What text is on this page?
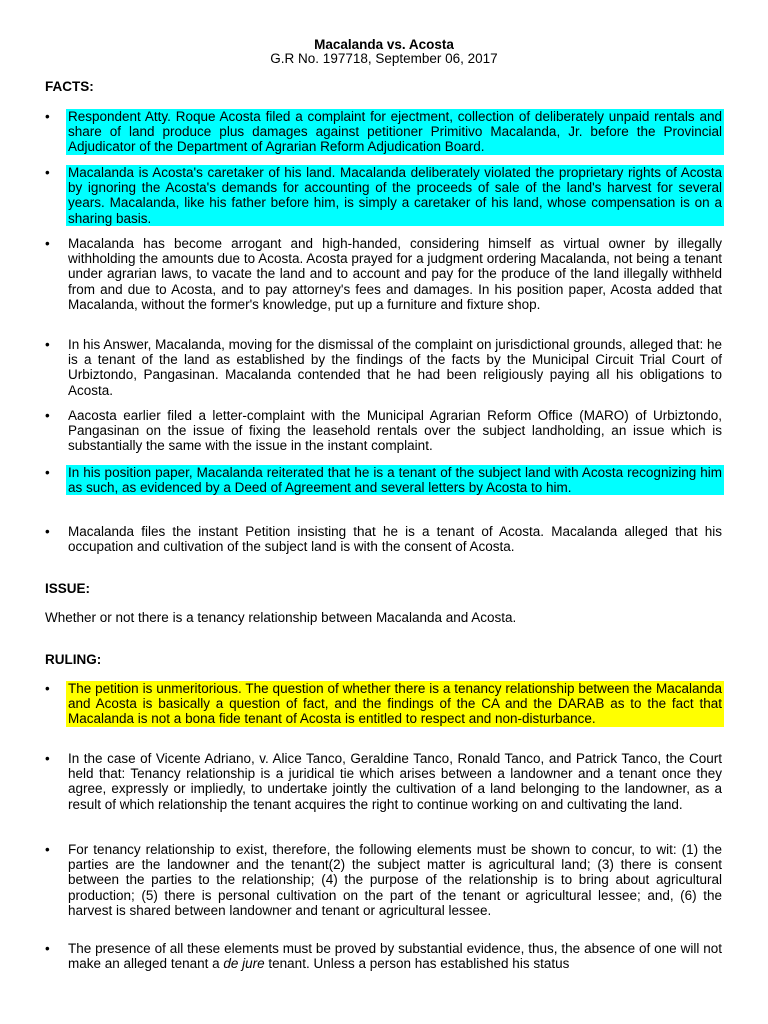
Macalanda vs. Acosta
G.R No. 197718, September 06, 2017
FACTS:
•	Respondent Atty. Roque Acosta filed a complaint for ejectment, collection of deliberately unpaid rentals and share of land produce plus damages against petitioner Primitivo Macalanda, Jr. before the Provincial Adjudicator of the Department of Agrarian Reform Adjudication Board.
•	Macalanda is Acosta's caretaker of his land. Macalanda deliberately violated the proprietary rights of Acosta by ignoring the Acosta's demands for accounting of the proceeds of sale of the land's harvest for several years. Macalanda, like his father before him, is simply a caretaker of his land, whose compensation is on a sharing basis.
•	Macalanda has become arrogant and high-handed, considering himself as virtual owner by illegally withholding the amounts due to Acosta. Acosta prayed for a judgment ordering Macalanda, not being a tenant under agrarian laws, to vacate the land and to account and pay for the produce of the land illegally withheld from and due to Acosta, and to pay attorney's fees and damages. In his position paper, Acosta added that Macalanda, without the former's knowledge, put up a furniture and fixture shop.
•	In his Answer, Macalanda, moving for the dismissal of the complaint on jurisdictional grounds, alleged that: he is a tenant of the land as established by the findings of the facts by the Municipal Circuit Trial Court of Urbiztondo, Pangasinan. Macalanda contended that he had been religiously paying all his obligations to Acosta.
•	Aacosta earlier filed a letter-complaint with the Municipal Agrarian Reform Office (MARO) of Urbiztondo, Pangasinan on the issue of fixing the leasehold rentals over the subject landholding, an issue which is substantially the same with the issue in the instant complaint.
•	In his position paper, Macalanda reiterated that he is a tenant of the subject land with Acosta recognizing him as such, as evidenced by a Deed of Agreement and several letters by Acosta to him.
•	Macalanda files the instant Petition insisting that he is a tenant of Acosta. Macalanda alleged that his occupation and cultivation of the subject land is with the consent of Acosta.
ISSUE:
Whether or not there is a tenancy relationship between Macalanda and Acosta.
RULING:
•	The petition is unmeritorious. The question of whether there is a tenancy relationship between the Macalanda and Acosta is basically a question of fact, and the findings of the CA and the DARAB as to the fact that Macalanda is not a bona fide tenant of Acosta is entitled to respect and non-disturbance.
•	In the case of Vicente Adriano, v. Alice Tanco, Geraldine Tanco, Ronald Tanco, and Patrick Tanco, the Court held that: Tenancy relationship is a juridical tie which arises between a landowner and a tenant once they agree, expressly or impliedly, to undertake jointly the cultivation of a land belonging to the landowner, as a result of which relationship the tenant acquires the right to continue working on and cultivating the land.
•	For tenancy relationship to exist, therefore, the following elements must be shown to concur, to wit: (1) the parties are the landowner and the tenant(2) the subject matter is agricultural land; (3) there is consent between the parties to the relationship; (4) the purpose of the relationship is to bring about agricultural production; (5) there is personal cultivation on the part of the tenant or agricultural lessee; and, (6) the harvest is shared between landowner and tenant or agricultural lessee.
•	The presence of all these elements must be proved by substantial evidence, thus, the absence of one will not make an alleged tenant a de jure tenant. Unless a person has established his status
